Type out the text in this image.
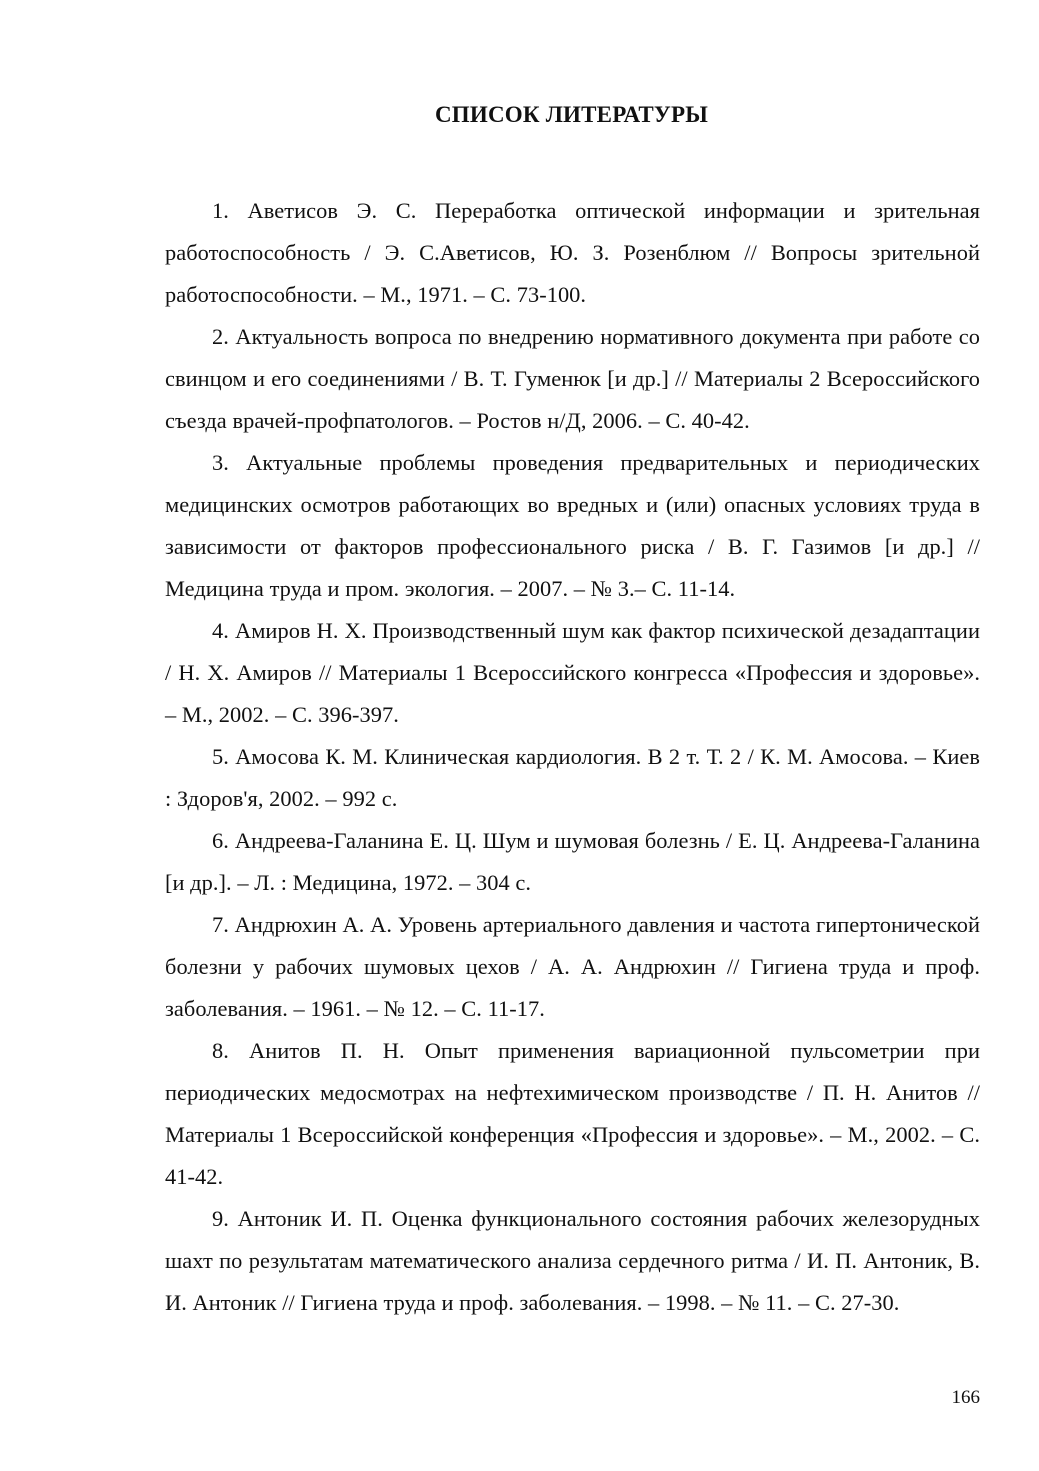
СПИСОК ЛИТЕРАТУРЫ
1. Аветисов Э. С. Переработка оптической информации и зрительная работоспособность / Э. С.Аветисов, Ю. З. Розенблюм // Вопросы зрительной работоспособности. – М., 1971. – С. 73-100.
2. Актуальность вопроса по внедрению нормативного документа при работе со свинцом и его соединениями / В. Т. Гуменюк [и др.] // Материалы 2 Всероссийского съезда врачей-профпатологов. – Ростов н/Д, 2006. – С. 40-42.
3. Актуальные проблемы проведения предварительных и периодических медицинских осмотров работающих во вредных и (или) опасных условиях труда в зависимости от факторов профессионального риска / В. Г. Газимов [и др.] // Медицина труда и пром. экология. – 2007. – № 3.– С. 11-14.
4. Амиров Н. Х. Производственный шум как фактор психической дезадаптации / Н. Х. Амиров // Материалы 1 Всероссийского конгресса «Профессия и здоровье». – М., 2002. – С. 396-397.
5. Амосова К. М. Клиническая кардиология. В 2 т. Т. 2 / К. М. Амосова. – Киев : Здоров'я, 2002. – 992 с.
6. Андреева-Галанина Е. Ц. Шум и шумовая болезнь / Е. Ц. Андреева-Галанина [и др.]. – Л. : Медицина, 1972. – 304 с.
7. Андрюхин А. А. Уровень артериального давления и частота гипертонической болезни у рабочих шумовых цехов / А. А. Андрюхин // Гигиена труда и проф. заболевания. – 1961. – № 12. – С. 11-17.
8. Анитов П. Н. Опыт применения вариационной пульсометрии при периодических медосмотрах на нефтехимическом производстве / П. Н. Анитов // Материалы 1 Всероссийской конференция «Профессия и здоровье». – М., 2002. – С. 41-42.
9. Антоник И. П. Оценка функционального состояния рабочих железорудных шахт по результатам математического анализа сердечного ритма / И. П. Антоник, В. И. Антоник // Гигиена труда и проф. заболевания. – 1998. – № 11. – С. 27-30.
166
